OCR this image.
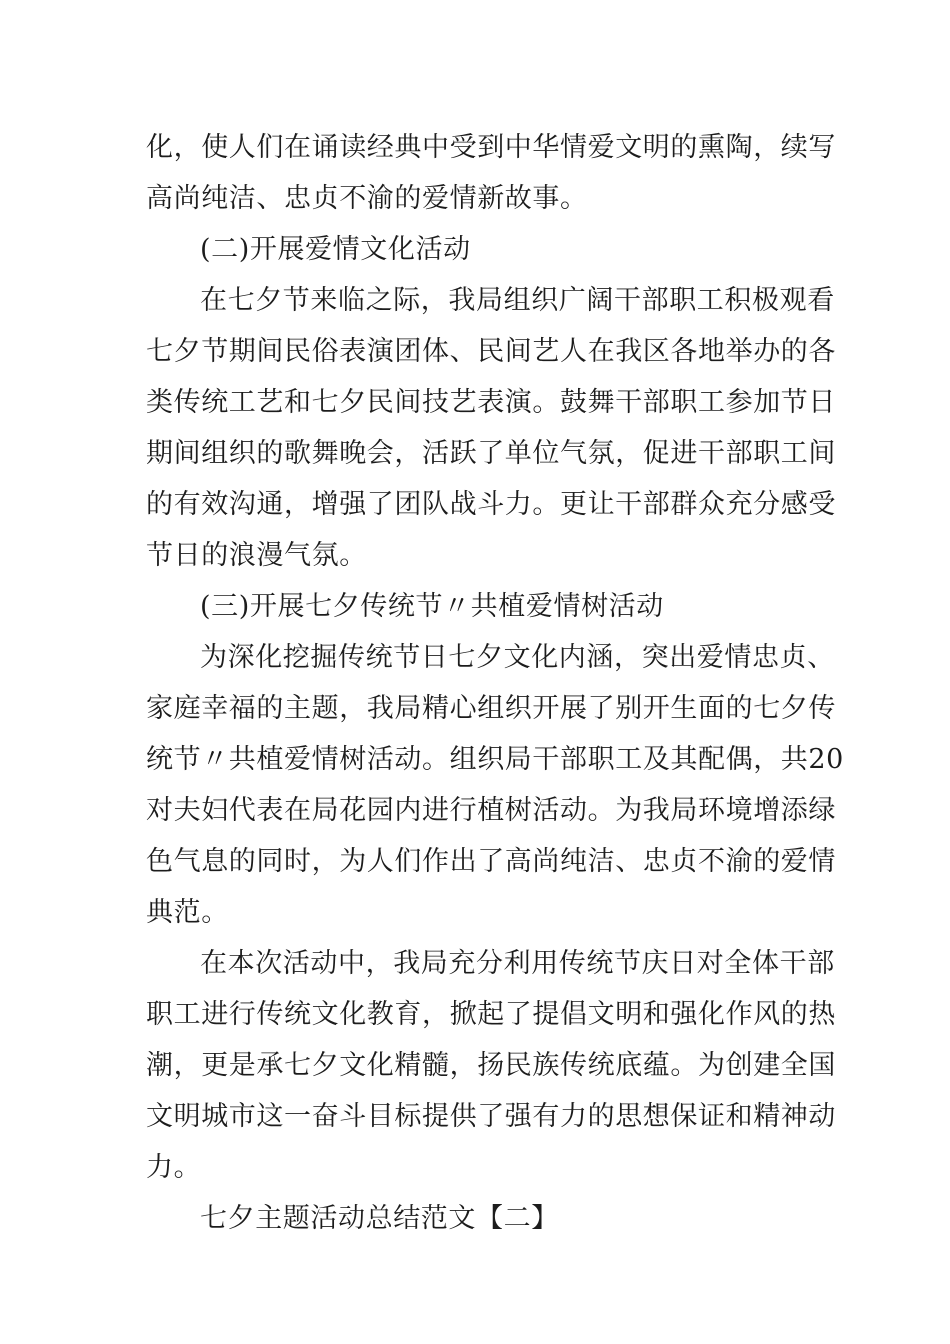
化，使人们在诵读经典中受到中华情爱文明的熏陶，续写
高尚纯洁、忠贞不渝的爱情新故事。
(二)开展爱情文化活动
在七夕节来临之际，我局组织广阔干部职工积极观看
七夕节期间民俗表演团体、民间艺人在我区各地举办的各
类传统工艺和七夕民间技艺表演。鼓舞干部职工参加节日
期间组织的歌舞晚会，活跃了单位气氛，促进干部职工间
的有效沟通，增强了团队战斗力。更让干部群众充分感受
节日的浪漫气氛。
(三)开展七夕传统节〃共植爱情树活动
为深化挖掘传统节日七夕文化内涵，突出爱情忠贞、
家庭幸福的主题，我局精心组织开展了别开生面的七夕传
统节〃共植爱情树活动。组织局干部职工及其配偶，共20
对夫妇代表在局花园内进行植树活动。为我局环境增添绿
色气息的同时，为人们作出了高尚纯洁、忠贞不渝的爱情
典范。
在本次活动中，我局充分利用传统节庆日对全体干部
职工进行传统文化教育，掀起了提倡文明和强化作风的热
潮，更是承七夕文化精髓，扬民族传统底蕴。为创建全国
文明城市这一奋斗目标提供了强有力的思想保证和精神动
力。
七夕主题活动总结范文【二】
